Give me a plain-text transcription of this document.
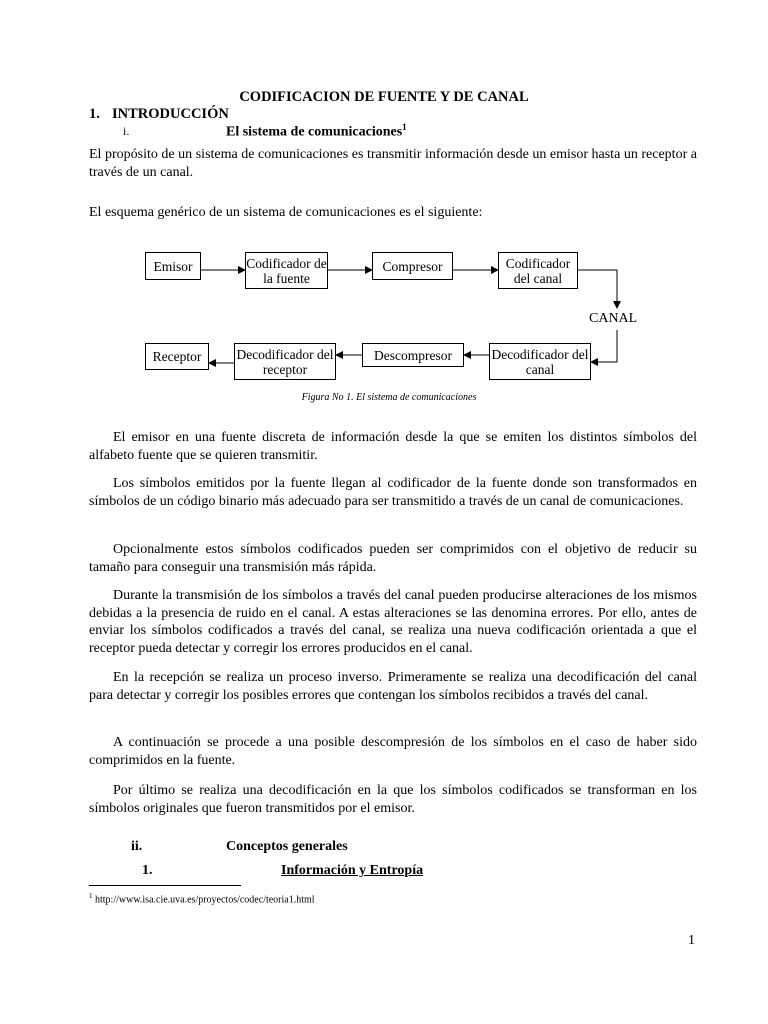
CODIFICACION DE FUENTE Y DE CANAL
1. INTRODUCCIÓN
i.	El sistema de comunicaciones$^1$

El propósito de un sistema de comunicaciones es transmitir información desde un emisor hasta un receptor a través de un canal.

El esquema genérico de un sistema de comunicaciones es el siguiente:

Emisor	Codificador de la fuente
Compresor	Codificador del canal
CANAL
Receptor	Decodificador del receptor
Descompresor	Decodificador del canal
Figura No 1. El sistema de comunicaciones

El emisor en una fuente discreta de información desde la que se emiten los distintos símbolos del alfabeto fuente que se quieren transmitir.

Los símbolos emitidos por la fuente llegan al codificador de la fuente donde son transformados en símbolos de un código binario más adecuado para ser transmitido a través de un canal de comunicaciones.

Opcionalmente estos símbolos codificados pueden ser comprimidos con el objetivo de reducir su tamaño para conseguir una transmisión más rápida.

Durante la transmisión de los símbolos a través del canal pueden producirse alteraciones de los mismos debidas a la presencia de ruido en el canal. A estas alteraciones se las denomina errores. Por ello, antes de enviar los símbolos codificados a través del canal, se realiza una nueva codificación orientada a que el receptor pueda detectar y corregir los errores producidos en el canal.

En la recepción se realiza un proceso inverso. Primeramente se realiza una decodificación del canal para detectar y corregir los posibles errores que contengan los símbolos recibidos a través del canal.

A continuación se procede a una posible descompresión de los símbolos en el caso de haber sido comprimidos en la fuente.

Por último se realiza una decodificación en la que los símbolos codificados se transforman en los símbolos originales que fueron transmitidos por el emisor.

ii.	Conceptos generales
1.	Información y Entropía
$^1$ http://www.isa.cie.uva.es/proyectos/codec/teoria1.html
1
